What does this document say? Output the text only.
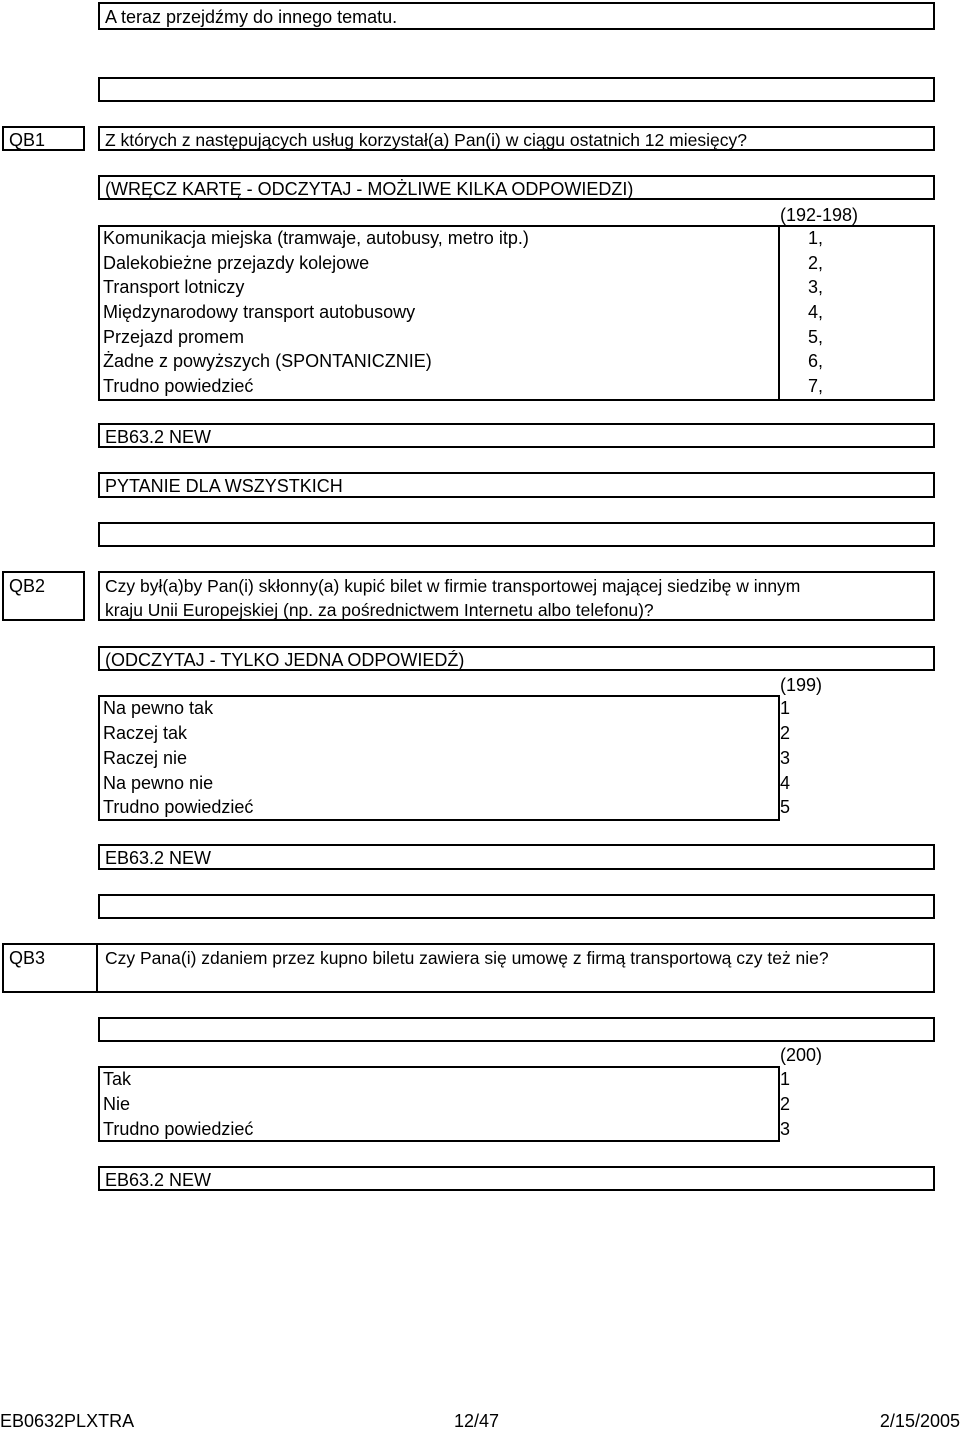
A teraz przejdźmy do innego tematu.
QB1	Z których z następujących usług korzystał(a) Pan(i) w ciągu ostatnich 12 miesięcy?
(WRĘCZ KARTĘ - ODCZYTAJ - MOŻLIWE KILKA ODPOWIEDZI)
(192-198)
Komunikacja miejska (tramwaje, autobusy, metro itp.)	1,
Dalekobieżne przejazdy kolejowe	2,
Transport lotniczy	3,
Międzynarodowy transport autobusowy	4,
Przejazd promem	5,
Żadne z powyższych (SPONTANICZNIE)	6,
Trudno powiedzieć	7,
EB63.2 NEW
PYTANIE DLA WSZYSTKICH
QB2	Czy był(a)by Pan(i) skłonny(a) kupić bilet w firmie transportowej mającej siedzibę w innym
kraju Unii Europejskiej (np. za pośrednictwem Internetu albo telefonu)?
(ODCZYTAJ - TYLKO JEDNA ODPOWIEDŹ)
(199)
Na pewno tak	1
Raczej tak	2
Raczej nie	3
Na pewno nie	4
Trudno powiedzieć	5
EB63.2 NEW
QB3	Czy Pana(i) zdaniem przez kupno biletu zawiera się umowę z firmą transportową czy też nie?
(200)
Tak	1
Nie	2
Trudno powiedzieć	3
EB63.2 NEW
EB0632PLXTRA	12/47	2/15/2005
